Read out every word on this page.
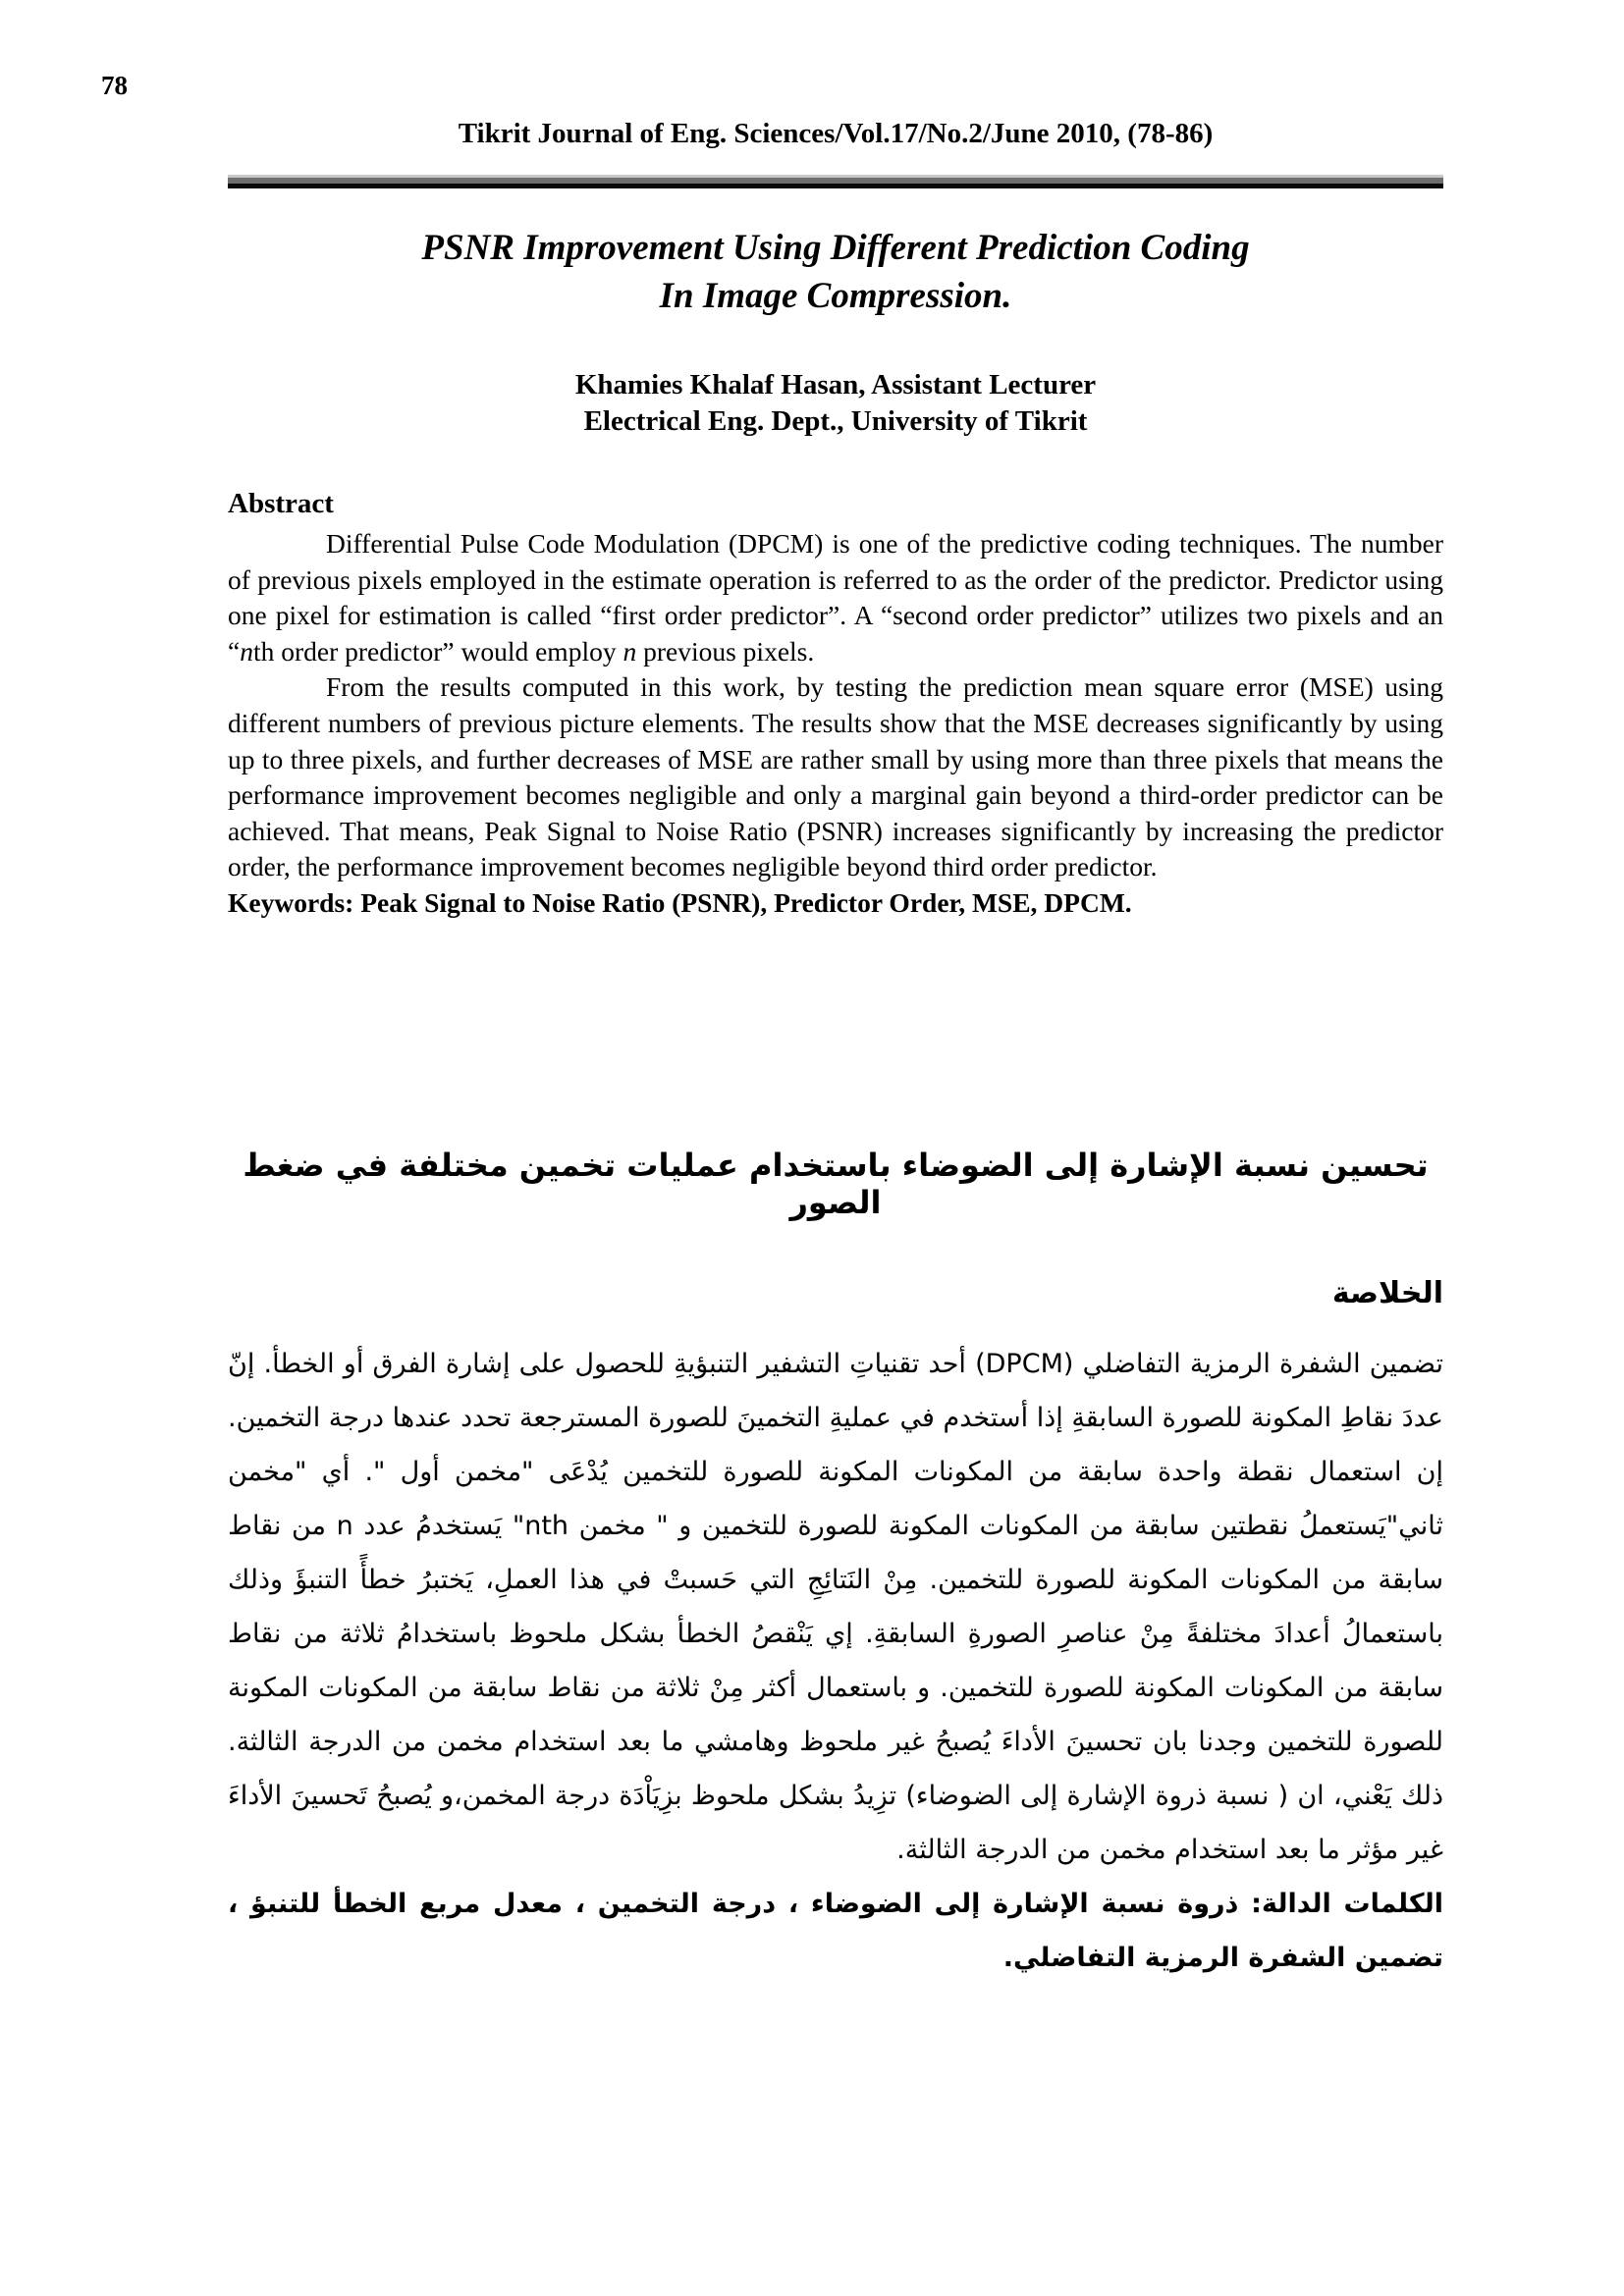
78
Tikrit Journal of Eng. Sciences/Vol.17/No.2/June 2010, (78-86)
PSNR Improvement Using Different Prediction Coding
In Image Compression.
Khamies Khalaf Hasan, Assistant Lecturer
Electrical Eng. Dept., University of Tikrit
Abstract

Differential Pulse Code Modulation (DPCM) is one of the predictive coding techniques. The number of previous pixels employed in the estimate operation is referred to as the order of the predictor. Predictor using one pixel for estimation is called “first order predictor”. A “second order predictor” utilizes two pixels and an “nth order predictor” would employ n previous pixels.

From the results computed in this work, by testing the prediction mean square error (MSE) using different numbers of previous picture elements. The results show that the MSE decreases significantly by using up to three pixels, and further decreases of MSE are rather small by using more than three pixels that means the performance improvement becomes negligible and only a marginal gain beyond a third-order predictor can be achieved. That means, Peak Signal to Noise Ratio (PSNR) increases significantly by increasing the predictor order, the performance improvement becomes negligible beyond third order predictor.

Keywords: Peak Signal to Noise Ratio (PSNR), Predictor Order, MSE, DPCM.

تحسين نسبة الإشارة إلى الضوضاء باستخدام عمليات تخمين مختلفة في ضغط الصور
الخلاصة

تضمين الشفرة الرمزية التفاضلي (DPCM) أحد تقنياتِ التشفير التنبؤيةِ للحصول على إشارة الفرق أو الخطأ. إنّ عددَ نقاطِ المكونة للصورة السابقةِ إذا أستخدم في عمليةِ التخمينَ للصورة المسترجعة تحدد عندها درجة التخمين. إن استعمال نقطة واحدة سابقة من المكونات المكونة للصورة للتخمين يُدْعَى "مخمن أول ". أي "مخمن ثاني"يَستعملُ نقطتين سابقة من المكونات المكونة للصورة للتخمين و " مخمن nth" يَستخدمُ عدد n من نقاط سابقة من المكونات المكونة للصورة للتخمين. مِنْ النَتائِجِ التي حَسبتْ في هذا العملِ، يَختبرُ خطأً التنبؤَ وذلك باستعمالُ أعدادَ مختلفةً مِنْ عناصرِ الصورةِ السابقةِ. إي يَنْقصُ الخطأ بشكل ملحوظ باستخدامُ ثلاثة من نقاط سابقة من المكونات المكونة للصورة للتخمين. و باستعمال أكثر مِنْ ثلاثة من نقاط سابقة من المكونات المكونة للصورة للتخمين وجدنا بان تحسينَ الأداءَ يُصبحُ غير ملحوظ وهامشي ما بعد استخدام مخمن من الدرجة الثالثة. ذلك يَعْني، ان ( نسبة ذروة الإشارة إلى الضوضاء) تزِيدُ بشكل ملحوظ بزِيَاْدَة درجة المخمن،و يُصبحُ تَحسينَ الأداءَ غير مؤثر ما بعد استخدام مخمن من الدرجة الثالثة.

الكلمات الدالة: ذروة نسبة الإشارة إلى الضوضاء ، درجة التخمين ، معدل مربع الخطأ للتنبؤ ، تضمين الشفرة الرمزية التفاضلي.
